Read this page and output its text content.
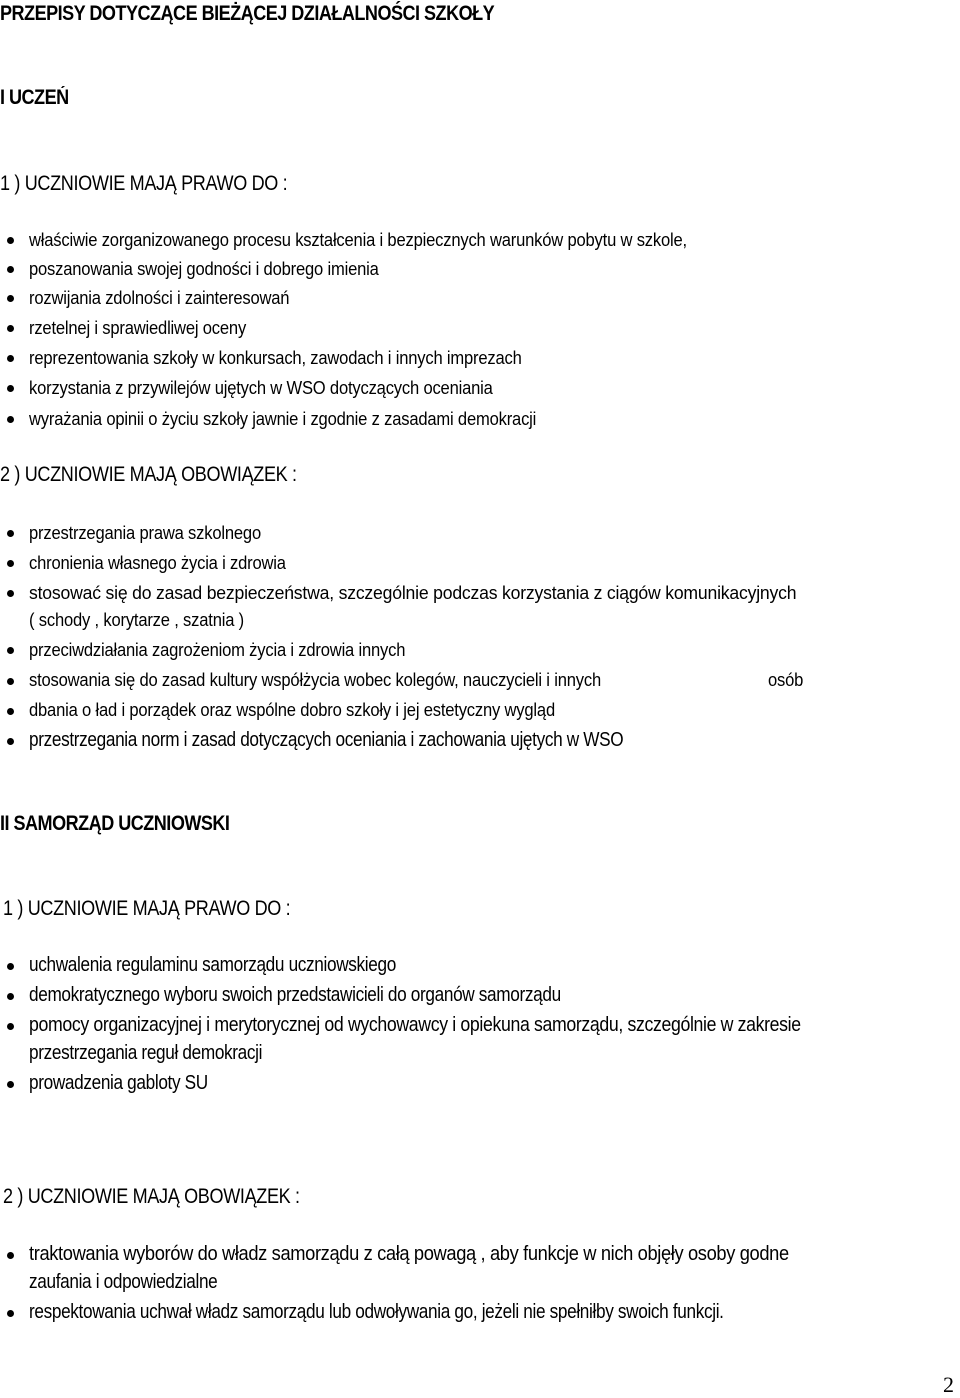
PRZEPISY DOTYCZĄCE BIEŻĄCEJ DZIAŁALNOŚCI SZKOŁY
I UCZEŃ
1 ) UCZNIOWIE MAJĄ PRAWO DO :
właściwie zorganizowanego procesu kształcenia i bezpiecznych warunków pobytu w szkole,
poszanowania swojej godności i dobrego imienia
rozwijania zdolności i zainteresowań
rzetelnej i sprawiedliwej oceny
reprezentowania szkoły w konkursach, zawodach i innych imprezach
korzystania z przywilejów ujętych w WSO dotyczących oceniania
wyrażania opinii o życiu szkoły jawnie i zgodnie z zasadami demokracji
2 ) UCZNIOWIE MAJĄ OBOWIĄZEK :
przestrzegania prawa szkolnego
chronienia własnego życia i zdrowia
stosować się do zasad bezpieczeństwa, szczególnie podczas korzystania z ciągów komunikacyjnych
( schody , korytarze , szatnia )
przeciwdziałania zagrożeniom życia i zdrowia innych
stosowania się do zasad kultury współżycia wobec kolegów, nauczycieli i innych	osób
dbania o ład i porządek oraz wspólne dobro szkoły i jej estetyczny wygląd
przestrzegania norm i zasad dotyczących oceniania i zachowania ujętych w WSO
II SAMORZĄD UCZNIOWSKI
1 ) UCZNIOWIE MAJĄ PRAWO DO :
uchwalenia regulaminu samorządu uczniowskiego
demokratycznego wyboru swoich przedstawicieli do organów samorządu
pomocy organizacyjnej i merytorycznej od wychowawcy i opiekuna samorządu, szczególnie w zakresie
przestrzegania reguł demokracji
prowadzenia gabloty SU
2 ) UCZNIOWIE MAJĄ OBOWIĄZEK :
traktowania wyborów do władz samorządu z całą powagą , aby funkcje w nich objęły osoby godne
zaufania i odpowiedzialne
respektowania uchwał władz samorządu lub odwoływania go, jeżeli nie spełniłby swoich funkcji.
2
